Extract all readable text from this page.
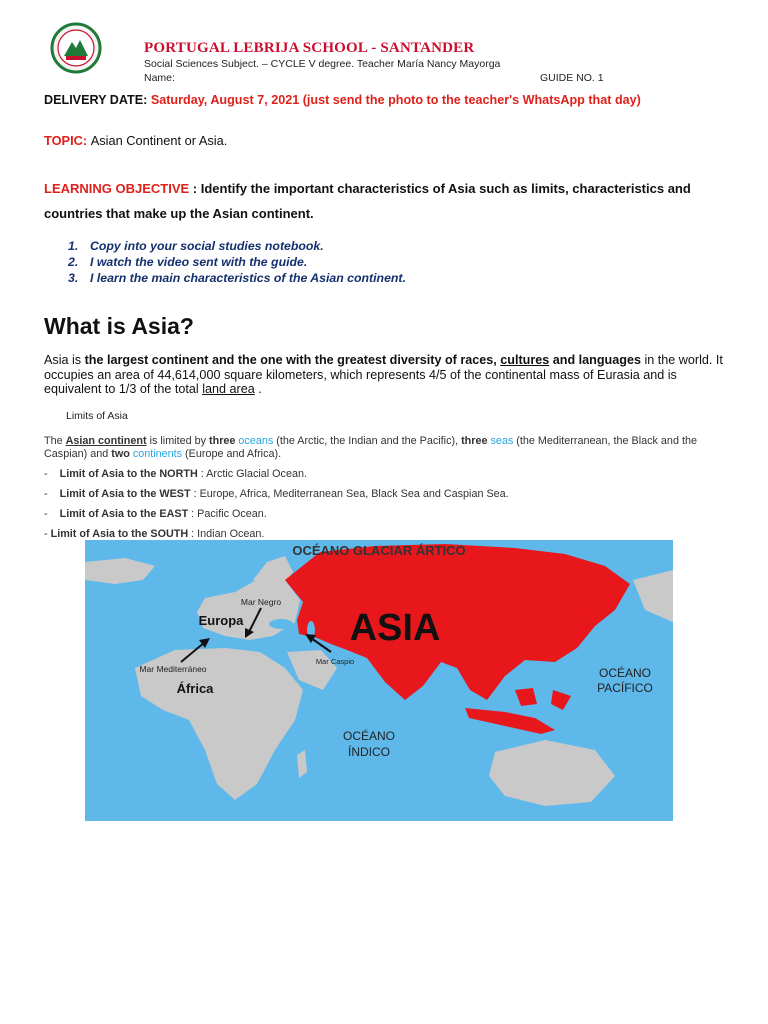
PORTUGAL LEBRIJA SCHOOL - SANTANDER
Social Sciences Subject. – CYCLE V degree. Teacher María Nancy Mayorga
Name:	GUIDE NO. 1
DELIVERY DATE: Saturday, August 7, 2021 (just send the photo to the teacher's WhatsApp that day)
TOPIC: Asian Continent or Asia.
LEARNING OBJECTIVE : Identify the important characteristics of Asia such as limits, characteristics and countries that make up the Asian continent.
1. Copy into your social studies notebook.
2. I watch the video sent with the guide.
3. I learn the main characteristics of the Asian continent.
What is Asia?
Asia is the largest continent and the one with the greatest diversity of races, cultures and languages in the world. It occupies an area of 44,614,000 square kilometers, which represents 4/5 of the continental mass of Eurasia and is equivalent to 1/3 of the total land area .
Limits of Asia
The Asian continent is limited by three oceans (the Arctic, the Indian and the Pacific), three seas (the Mediterranean, the Black and the Caspian) and two continents (Europe and Africa).
-    Limit of Asia to the NORTH : Arctic Glacial Ocean.
-    Limit of Asia to the WEST : Europe, Africa, Mediterranean Sea, Black Sea and Caspian Sea.
-    Limit of Asia to the EAST : Pacific Ocean.
- Limit of Asia to the SOUTH : Indian Ocean.
OCÉANO GLACIAR ÁRTICO
ASIA
Europa
Mar Negro
Mar Mediterráneo
África
Mar Caspio
OCÉANO
PACÍFICO
OCÉANO
ÍNDICO
